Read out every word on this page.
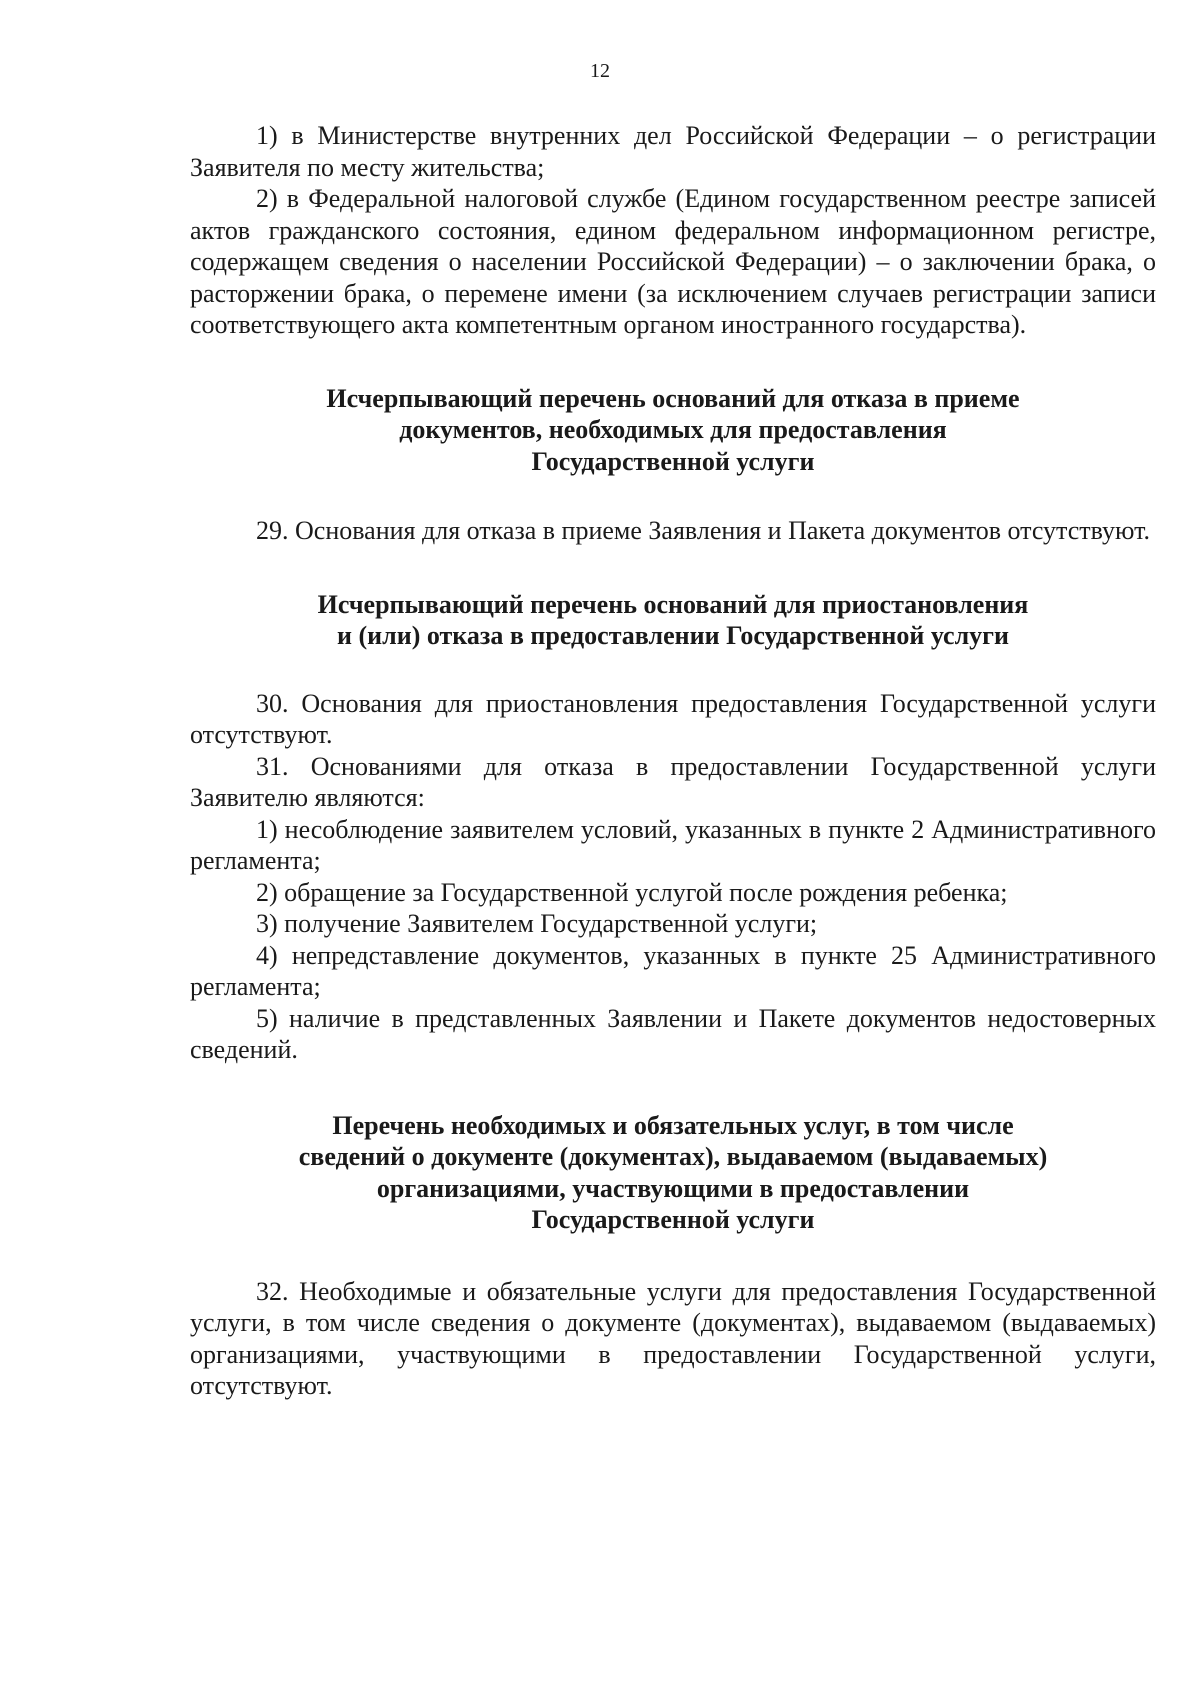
12

1) в Министерстве внутренних дел Российской Федерации – о регистрации Заявителя по месту жительства;

2) в Федеральной налоговой службе (Едином государственном реестре записей актов гражданского состояния, едином федеральном информационном регистре, содержащем сведения о населении Российской Федерации) – о заключении брака, о расторжении брака, о перемене имени (за исключением случаев регистрации записи соответствующего акта компетентным органом иностранного государства).

Исчерпывающий перечень оснований для отказа в приеме
документов, необходимых для предоставления
Государственной услуги

29. Основания для отказа в приеме Заявления и Пакета документов отсутствуют.

Исчерпывающий перечень оснований для приостановления
и (или) отказа в предоставлении Государственной услуги

30. Основания для приостановления предоставления Государственной услуги отсутствуют.

31. Основаниями для отказа в предоставлении Государственной услуги Заявителю являются:

1) несоблюдение заявителем условий, указанных в пункте 2 Административного регламента;

2) обращение за Государственной услугой после рождения ребенка;

3) получение Заявителем Государственной услуги;

4) непредставление документов, указанных в пункте 25 Административного регламента;

5) наличие в представленных Заявлении и Пакете документов недостоверных сведений.

Перечень необходимых и обязательных услуг, в том числе
сведений о документе (документах), выдаваемом (выдаваемых)
организациями, участвующими в предоставлении
Государственной услуги

32. Необходимые и обязательные услуги для предоставления Государственной услуги, в том числе сведения о документе (документах), выдаваемом (выдаваемых) организациями, участвующими в предоставлении Государственной услуги, отсутствуют.
